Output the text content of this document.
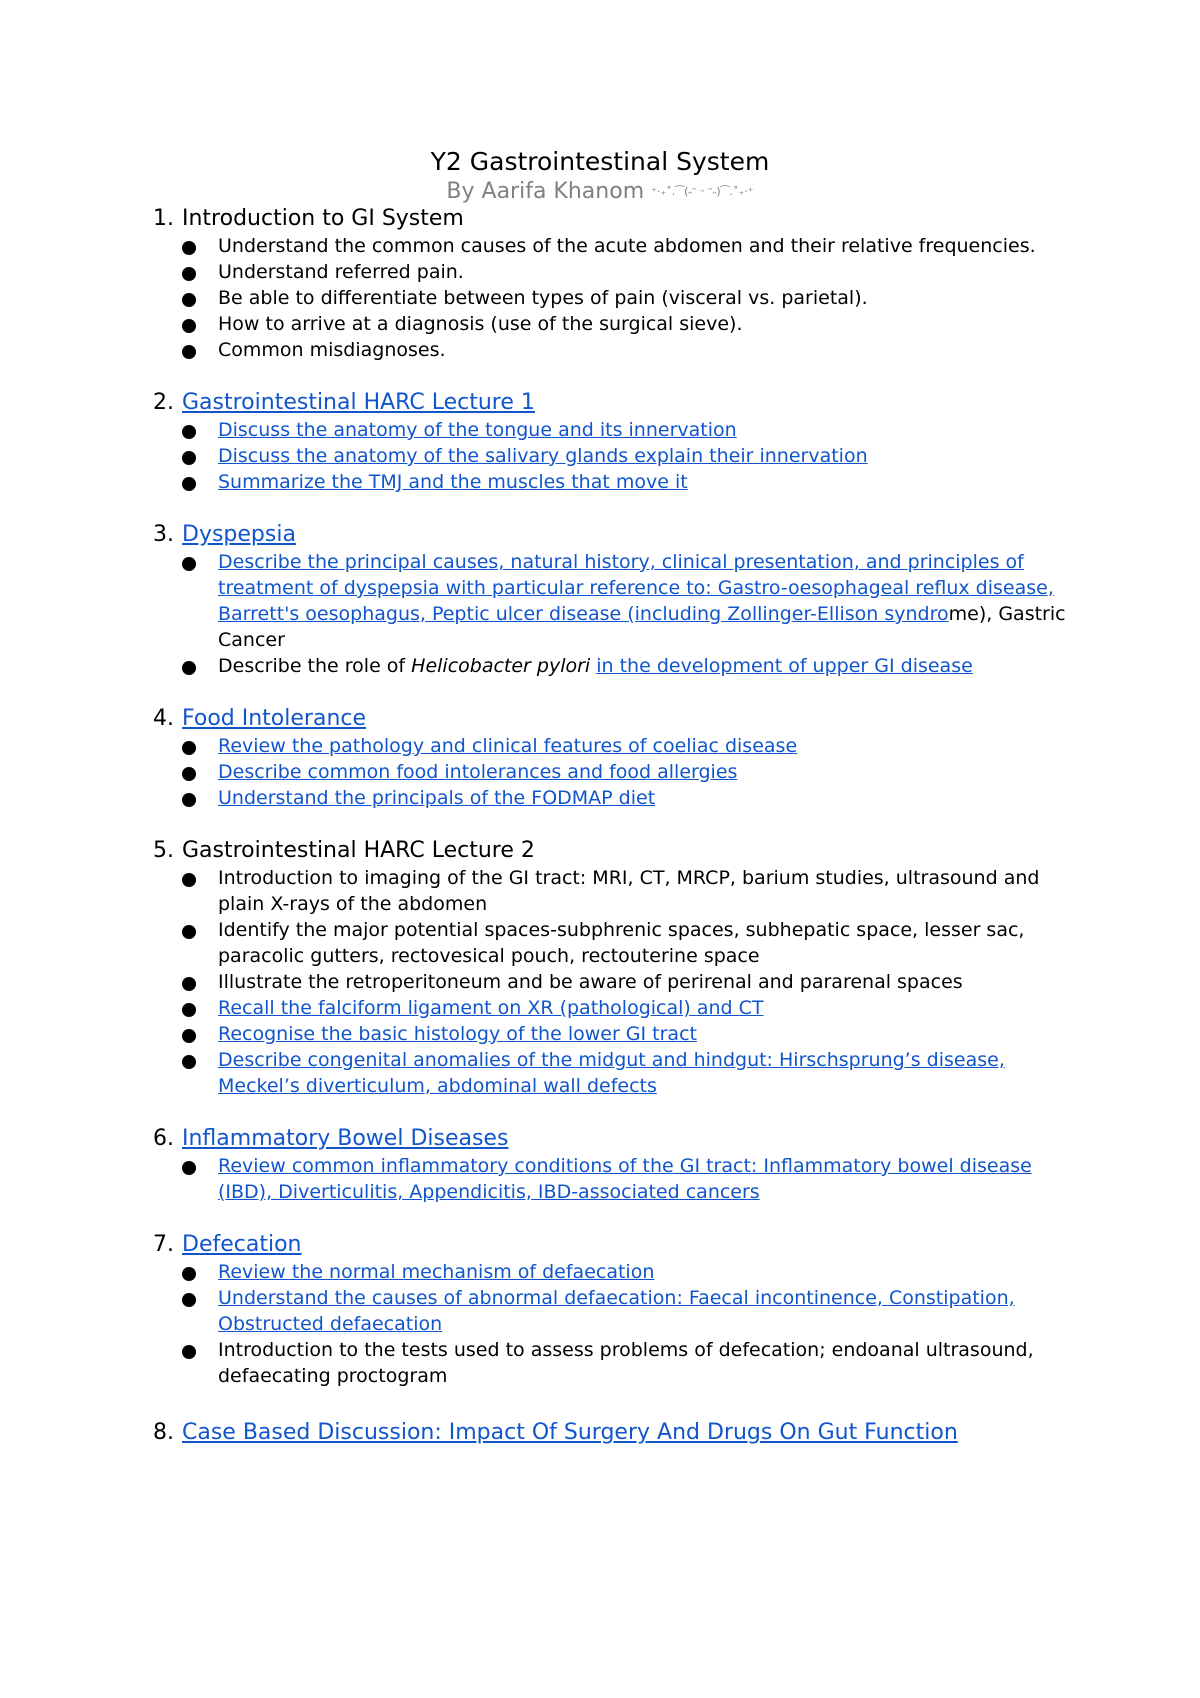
Y2 Gastrointestinal System
By Aarifa Khanom ⁺‧₊˚.⁀(˶ᵔ ᵕ ᵔ˶)⁀.˚₊‧⁺
1. Introduction to GI System
Understand the common causes of the acute abdomen and their relative frequencies.
Understand referred pain.
Be able to differentiate between types of pain (visceral vs. parietal).
How to arrive at a diagnosis (use of the surgical sieve).
Common misdiagnoses.
2. Gastrointestinal HARC Lecture 1
Discuss the anatomy of the tongue and its innervation
Discuss the anatomy of the salivary glands explain their innervation
Summarize the TMJ and the muscles that move it
3. Dyspepsia
Describe the principal causes, natural history, clinical presentation, and principles of treatment of dyspepsia with particular reference to: Gastro-oesophageal reflux disease, Barrett's oesophagus, Peptic ulcer disease (including Zollinger-Ellison syndrome), Gastric Cancer
Describe the role of Helicobacter pylori in the development of upper GI disease
4. Food Intolerance
Review the pathology and clinical features of coeliac disease
Describe common food intolerances and food allergies
Understand the principals of the FODMAP diet
5. Gastrointestinal HARC Lecture 2
Introduction to imaging of the GI tract: MRI, CT, MRCP, barium studies, ultrasound and plain X-rays of the abdomen
Identify the major potential spaces-subphrenic spaces, subhepatic space, lesser sac, paracolic gutters, rectovesical pouch, rectouterine space
Illustrate the retroperitoneum and be aware of perirenal and pararenal spaces
Recall the falciform ligament on XR (pathological) and CT
Recognise the basic histology of the lower GI tract
Describe congenital anomalies of the midgut and hindgut: Hirschsprung’s disease, Meckel’s diverticulum, abdominal wall defects
6. Inflammatory Bowel Diseases
Review common inflammatory conditions of the GI tract: Inflammatory bowel disease (IBD), Diverticulitis, Appendicitis, IBD-associated cancers
7. Defecation
Review the normal mechanism of defaecation
Understand the causes of abnormal defaecation: Faecal incontinence, Constipation, Obstructed defaecation
Introduction to the tests used to assess problems of defecation; endoanal ultrasound, defaecating proctogram
8. Case Based Discussion: Impact Of Surgery And Drugs On Gut Function
